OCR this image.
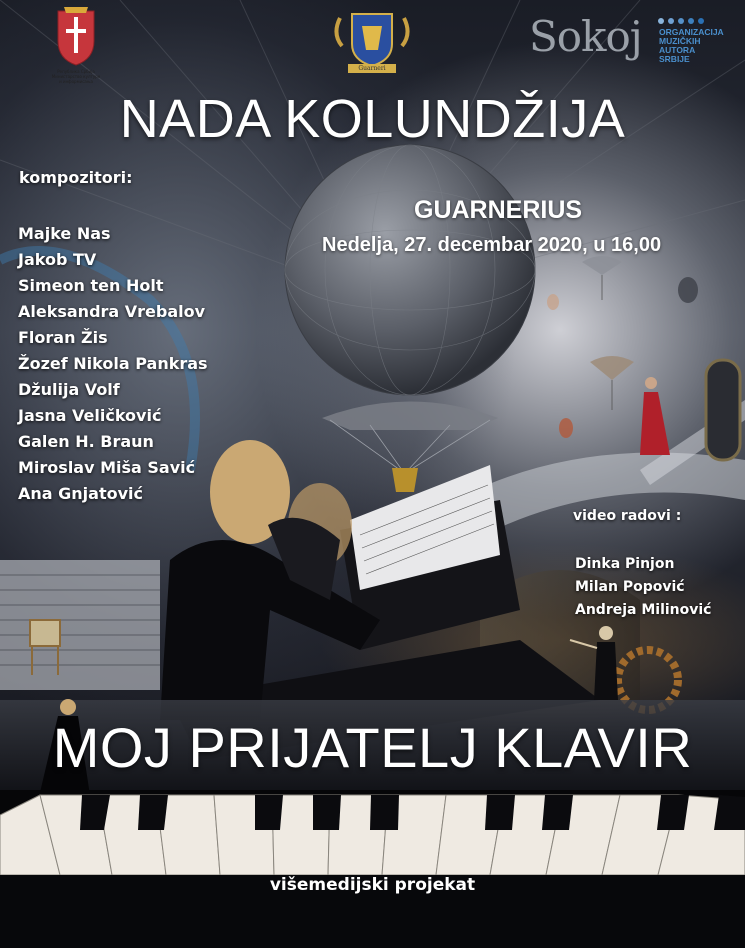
Република Србија Министарство културе и информисања
Guarneri
Sokoj ORGANIZACIJA
MUZIČKIH AUTORA
SRBIJE
NADA KOLUNDŽIJA
kompozitori:
Majke Nas
Jakob TV
Simeon ten Holt
Aleksandra Vrebalov
Floran Žis
Žozef Nikola Pankras
Džulija Volf
Jasna Veličković
Galen H. Braun
Miroslav Miša Savić
Ana Gnjatović
GUARNERIUS
Nedelja, 27. decembar 2020, u 16,00
video radovi :
Dinka Pinjon
Milan Popović
Andreja Milinović
MOJ PRIJATELJ KLAVIR
višemedijski projekat
